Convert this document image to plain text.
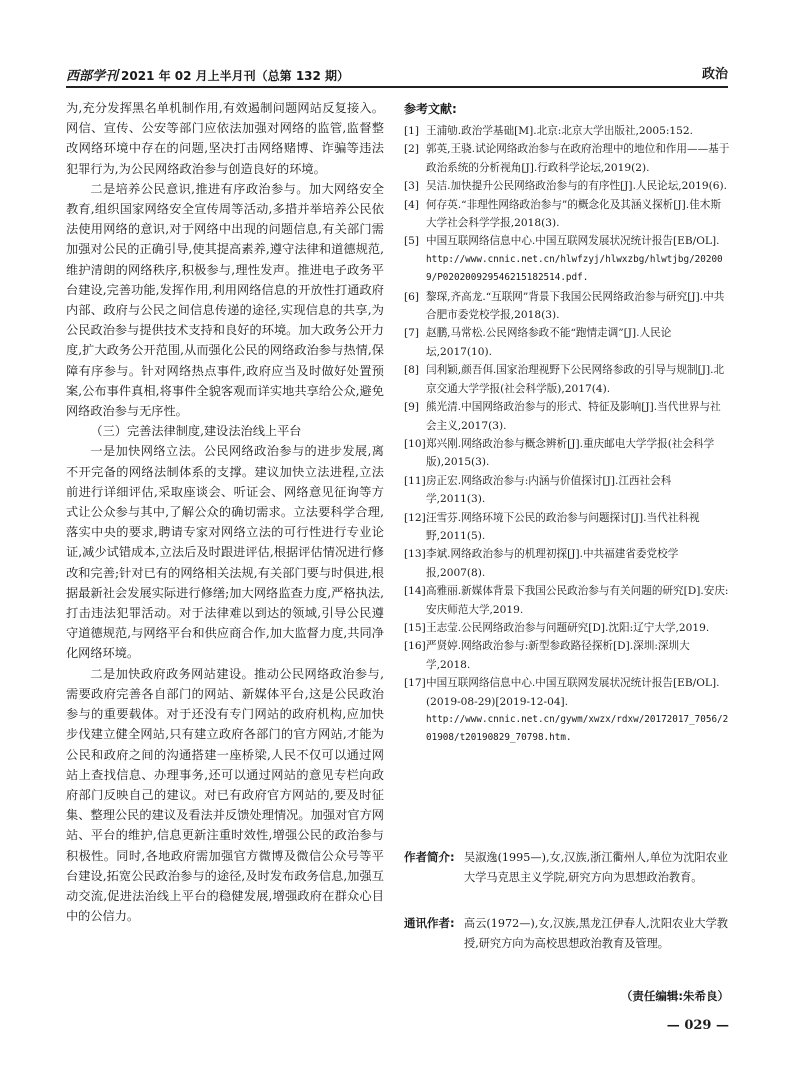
西部学刊 2021 年 02 月上半月刊（总第 132 期）	政治

为,充分发挥黑名单机制作用,有效遏制问题网站反复接入。网信、宣传、公安等部门应依法加强对网络的监管,监督整改网络环境中存在的问题,坚决打击网络赌博、诈骗等违法犯罪行为,为公民网络政治参与创造良好的环境。

二是培养公民意识,推进有序政治参与。加大网络安全教育,组织国家网络安全宣传周等活动,多措并举培养公民依法使用网络的意识,对于网络中出现的问题信息,有关部门需加强对公民的正确引导,使其提高素养,遵守法律和道德规范,维护清朗的网络秩序,积极参与,理性发声。推进电子政务平台建设,完善功能,发挥作用,利用网络信息的开放性打通政府内部、政府与公民之间信息传递的途径,实现信息的共享,为公民政治参与提供技术支持和良好的环境。加大政务公开力度,扩大政务公开范围,从而强化公民的网络政治参与热情,保障有序参与。针对网络热点事件,政府应当及时做好处置预案,公布事件真相,将事件全貌客观而详实地共享给公众,避免网络政治参与无序性。

（三）完善法律制度,建设法治线上平台

一是加快网络立法。公民网络政治参与的进步发展,离不开完备的网络法制体系的支撑。建议加快立法进程,立法前进行详细评估,采取座谈会、听证会、网络意见征询等方式让公众参与其中,了解公众的确切需求。立法要科学合理,落实中央的要求,聘请专家对网络立法的可行性进行专业论证,减少试错成本,立法后及时跟进评估,根据评估情况进行修改和完善;针对已有的网络相关法规,有关部门要与时俱进,根据最新社会发展实际进行修缮;加大网络监查力度,严格执法,打击违法犯罪活动。对于法律难以到达的领域,引导公民遵守道德规范,与网络平台和供应商合作,加大监督力度,共同净化网络环境。

二是加快政府政务网站建设。推动公民网络政治参与,需要政府完善各自部门的网站、新媒体平台,这是公民政治参与的重要载体。对于还没有专门网站的政府机构,应加快步伐建立健全网站,只有建立政府各部门的官方网站,才能为公民和政府之间的沟通搭建一座桥梁,人民不仅可以通过网站上查找信息、办理事务,还可以通过网站的意见专栏向政府部门反映自己的建议。对已有政府官方网站的,要及时征集、整理公民的建议及看法并反馈处理情况。加强对官方网站、平台的维护,信息更新注重时效性,增强公民的政治参与积极性。同时,各地政府需加强官方微博及微信公众号等平台建设,拓宽公民政治参与的途径,及时发布政务信息,加强互动交流,促进法治线上平台的稳健发展,增强政府在群众心目中的公信力。

参考文献:
[1] 王浦劬.政治学基础[M].北京:北京大学出版社,2005:152.
[2] 郭英,王骁.试论网络政治参与在政府治理中的地位和作用——基于政治系统的分析视角[J].行政科学论坛,2019(2).
[3] 吴洁.加快提升公民网络政治参与的有序性[J].人民论坛,2019(6).
[4] 何存英.“非理性网络政治参与”的概念化及其涵义探析[J].佳木斯大学社会科学学报,2018(3).
[5] 中国互联网络信息中心.中国互联网发展状况统计报告[EB/OL].
http://www.cnnic.net.cn/hlwfzyj/hlwxzbg/hlwtjbg/202009/P020200929546215182514.pdf.
[6] 黎琛,齐高龙.“互联网”背景下我国公民网络政治参与研究[J].中共合肥市委党校学报,2018(3).
[7] 赵鹏,马常松.公民网络参政不能“跑情走调”[J].人民论坛,2017(10).
[8] 闫利颖,颜吾佴.国家治理视野下公民网络参政的引导与规制[J].北京交通大学学报(社会科学版),2017(4).
[9] 熊光清.中国网络政治参与的形式、特征及影响[J].当代世界与社会主义,2017(3).
[10] 郑兴刚.网络政治参与概念辨析[J].重庆邮电大学学报(社会科学版),2015(3).
[11] 房正宏.网络政治参与:内涵与价值探讨[J].江西社会科学,2011(3).
[12] 汪雪芬.网络环境下公民的政治参与问题探讨[J].当代社科视野,2011(5).
[13] 李斌.网络政治参与的机理初探[J].中共福建省委党校学报,2007(8).
[14] 高雅丽.新媒体背景下我国公民政治参与有关问题的研究[D].安庆:安庆师范大学,2019.
[15] 王志莹.公民网络政治参与问题研究[D].沈阳:辽宁大学,2019.
[16] 严贤婷.网络政治参与:新型参政路径探析[D].深圳:深圳大学,2018.
[17] 中国互联网络信息中心.中国互联网发展状况统计报告[EB/OL].(2019-08-29)[2019-12-04].
http://www.cnnic.net.cn/gywm/xwzx/rdxw/20172017_7056/201908/t20190829_70798.htm.
作者简介: 吴淑逸(1995—),女,汉族,浙江衢州人,单位为沈阳农业大学马克思主义学院,研究方向为思想政治教育。
通讯作者: 高云(1972—),女,汉族,黑龙江伊春人,沈阳农业大学教授,研究方向为高校思想政治教育及管理。
（责任编辑:朱希良）
— 029 —
